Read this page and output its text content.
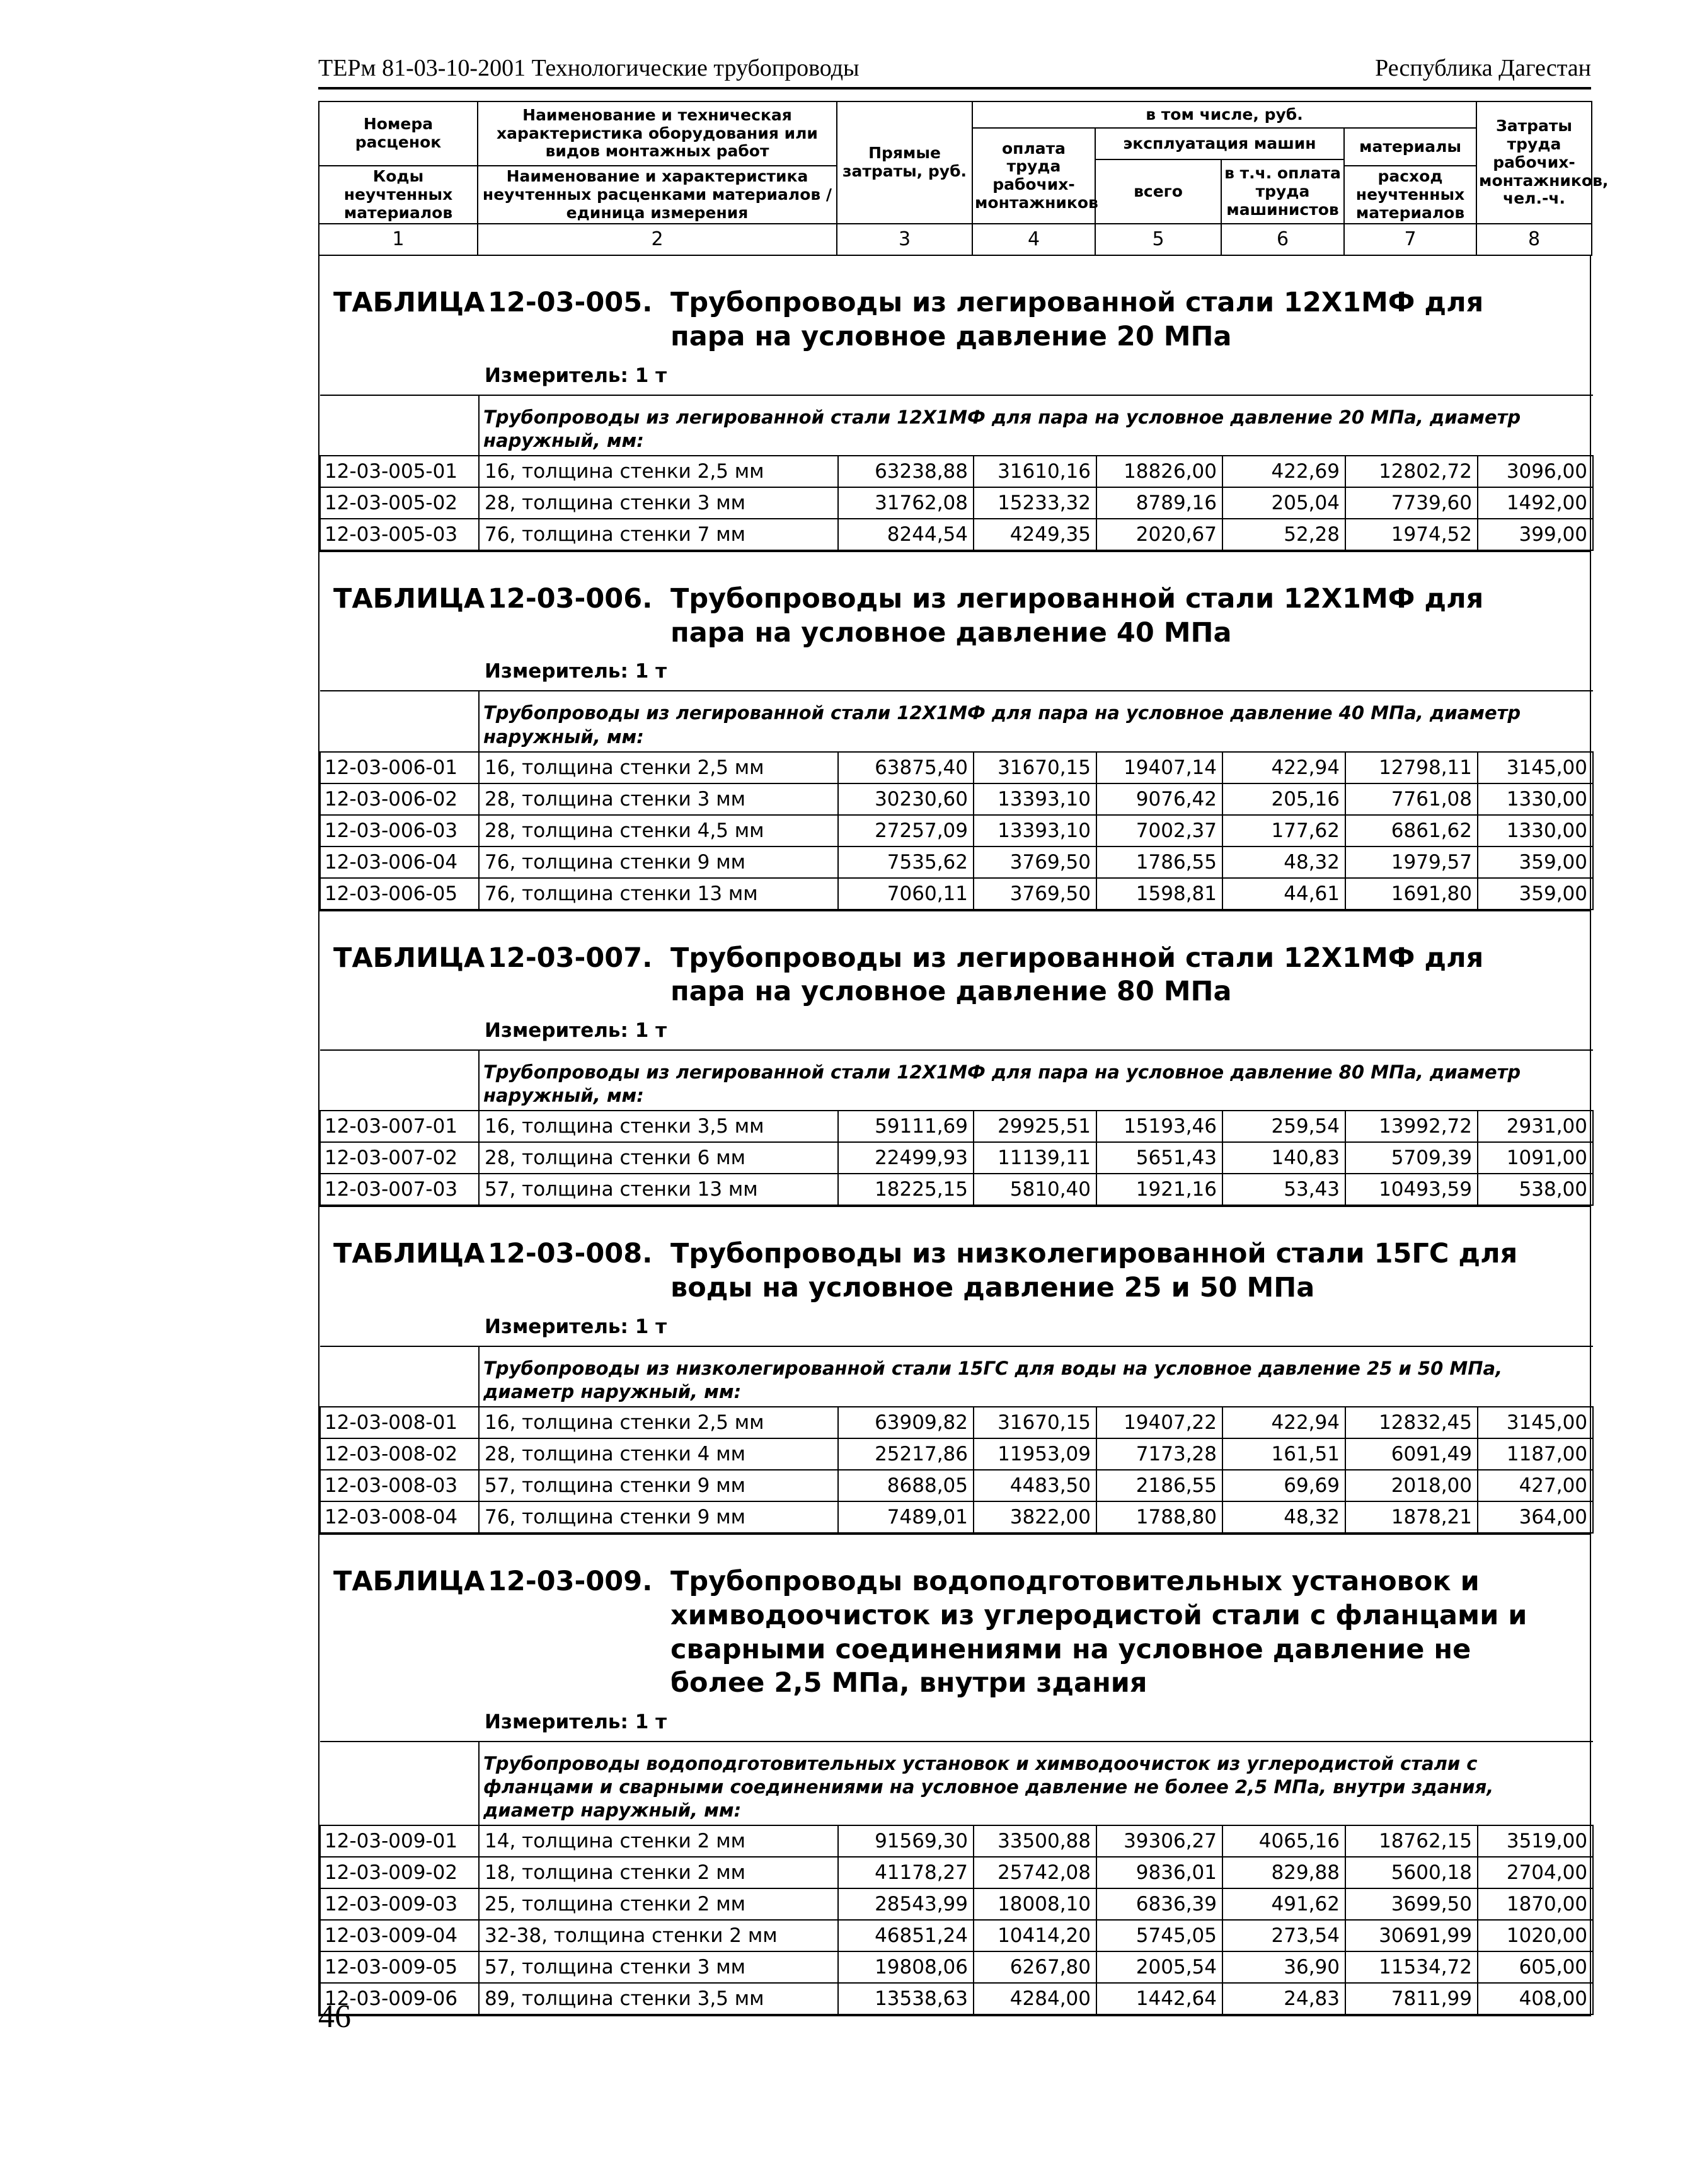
ТЕРм 81-03-10-2001 Технологические трубопроводы	Республика Дагестан
Номера расценок	Наименование и техническая характеристика оборудования или видов монтажных работ	Прямые затраты, руб.	в том числе, руб.				Затраты труда рабочих-монтажников, чел.-ч.
			оплата труда рабочих-монтажников	эксплуатация машин		материалы	
				всего	в т.ч. оплата труда машинистов		
Коды неучтенных материалов	Наименование и характеристика неучтенных расценками материалов / единица измерения					расход неучтенных материалов	

1	2	3	4	5	6	7	8
ТАБЛИЦА 12-03-005. Трубопроводы из легированной стали 12Х1МФ для пара на условное давление 20 МПа
Измеритель: 1 т
	Трубопроводы из легированной стали 12Х1МФ для пара на условное давление 20 МПа, диаметр наружный, мм:						
12-03-005-01	16, толщина стенки 2,5 мм	63238,88	31610,16	18826,00	422,69	12802,72	3096,00
12-03-005-02	28, толщина стенки 3 мм	31762,08	15233,32	8789,16	205,04	7739,60	1492,00
12-03-005-03	76, толщина стенки 7 мм	8244,54	4249,35	2020,67	52,28	1974,52	399,00
ТАБЛИЦА 12-03-006. Трубопроводы из легированной стали 12Х1МФ для пара на условное давление 40 МПа
Измеритель: 1 т
	Трубопроводы из легированной стали 12Х1МФ для пара на условное давление 40 МПа, диаметр наружный, мм:						
12-03-006-01	16, толщина стенки 2,5 мм	63875,40	31670,15	19407,14	422,94	12798,11	3145,00
12-03-006-02	28, толщина стенки 3 мм	30230,60	13393,10	9076,42	205,16	7761,08	1330,00
12-03-006-03	28, толщина стенки 4,5 мм	27257,09	13393,10	7002,37	177,62	6861,62	1330,00
12-03-006-04	76, толщина стенки 9 мм	7535,62	3769,50	1786,55	48,32	1979,57	359,00
12-03-006-05	76, толщина стенки 13 мм	7060,11	3769,50	1598,81	44,61	1691,80	359,00
ТАБЛИЦА 12-03-007. Трубопроводы из легированной стали 12Х1МФ для пара на условное давление 80 МПа
Измеритель: 1 т
	Трубопроводы из легированной стали 12Х1МФ для пара на условное давление 80 МПа, диаметр наружный, мм:						
12-03-007-01	16, толщина стенки 3,5 мм	59111,69	29925,51	15193,46	259,54	13992,72	2931,00
12-03-007-02	28, толщина стенки 6 мм	22499,93	11139,11	5651,43	140,83	5709,39	1091,00
12-03-007-03	57, толщина стенки 13 мм	18225,15	5810,40	1921,16	53,43	10493,59	538,00
ТАБЛИЦА 12-03-008. Трубопроводы из низколегированной стали 15ГС для воды на условное давление 25 и 50 МПа
Измеритель: 1 т
	Трубопроводы из низколегированной стали 15ГС для воды на условное давление 25 и 50 МПа, диаметр наружный, мм:						
12-03-008-01	16, толщина стенки 2,5 мм	63909,82	31670,15	19407,22	422,94	12832,45	3145,00
12-03-008-02	28, толщина стенки 4 мм	25217,86	11953,09	7173,28	161,51	6091,49	1187,00
12-03-008-03	57, толщина стенки 9 мм	8688,05	4483,50	2186,55	69,69	2018,00	427,00
12-03-008-04	76, толщина стенки 9 мм	7489,01	3822,00	1788,80	48,32	1878,21	364,00
ТАБЛИЦА 12-03-009. Трубопроводы водоподготовительных установок и химводоочисток из углеродистой стали с фланцами и сварными соединениями на условное давление не более 2,5 МПа, внутри здания
Измеритель: 1 т
	Трубопроводы водоподготовительных установок и химводоочисток из углеродистой стали с фланцами и сварными соединениями на условное давление не более 2,5 МПа, внутри здания, диаметр наружный, мм:						
12-03-009-01	14, толщина стенки 2 мм	91569,30	33500,88	39306,27	4065,16	18762,15	3519,00
12-03-009-02	18, толщина стенки 2 мм	41178,27	25742,08	9836,01	829,88	5600,18	2704,00
12-03-009-03	25, толщина стенки 2 мм	28543,99	18008,10	6836,39	491,62	3699,50	1870,00
12-03-009-04	32-38, толщина стенки 2 мм	46851,24	10414,20	5745,05	273,54	30691,99	1020,00
12-03-009-05	57, толщина стенки 3 мм	19808,06	6267,80	2005,54	36,90	11534,72	605,00
12-03-009-06	89, толщина стенки 3,5 мм	13538,63	4284,00	1442,64	24,83	7811,99	408,00
46
